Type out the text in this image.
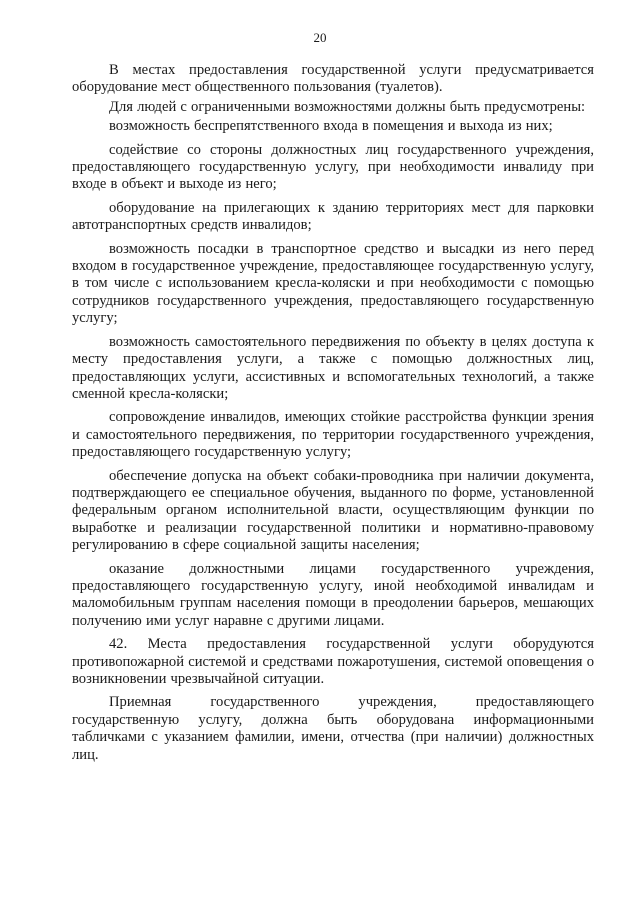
20

В местах предоставления государственной услуги предусматривается оборудование мест общественного пользования (туалетов).

Для людей с ограниченными возможностями должны быть предусмотрены:

возможность беспрепятственного входа в помещения и выхода из них;

содействие со стороны должностных лиц государственного учреждения, предоставляющего государственную услугу, при необходимости инвалиду при входе в объект и выходе из него;

оборудование на прилегающих к зданию территориях мест для парковки автотранспортных средств инвалидов;

возможность посадки в транспортное средство и высадки из него перед входом в государственное учреждение, предоставляющее государственную услугу, в том числе с использованием кресла-коляски и при необходимости с помощью сотрудников государственного учреждения, предоставляющего государственную услугу;

возможность самостоятельного передвижения по объекту в целях доступа к месту предоставления услуги, а также с помощью должностных лиц, предоставляющих услуги, ассистивных и вспомогательных технологий, а также сменной кресла-коляски;

сопровождение инвалидов, имеющих стойкие расстройства функции зрения и самостоятельного передвижения, по территории государственного учреждения, предоставляющего государственную услугу;

обеспечение допуска на объект собаки-проводника при наличии документа, подтверждающего ее специальное обучения, выданного по форме, установленной федеральным органом исполнительной власти, осуществляющим функции по выработке и реализации государственной политики и нормативно-правовому регулированию в сфере социальной защиты населения;

оказание должностными лицами государственного учреждения, предоставляющего государственную услугу, иной необходимой инвалидам и маломобильным группам населения помощи в преодолении барьеров, мешающих получению ими услуг наравне с другими лицами.

42. Места предоставления государственной услуги оборудуются противопожарной системой и средствами пожаротушения, системой оповещения о возникновении чрезвычайной ситуации.

Приемная государственного учреждения, предоставляющего государственную услугу, должна быть оборудована информационными табличками с указанием фамилии, имени, отчества (при наличии) должностных лиц.
